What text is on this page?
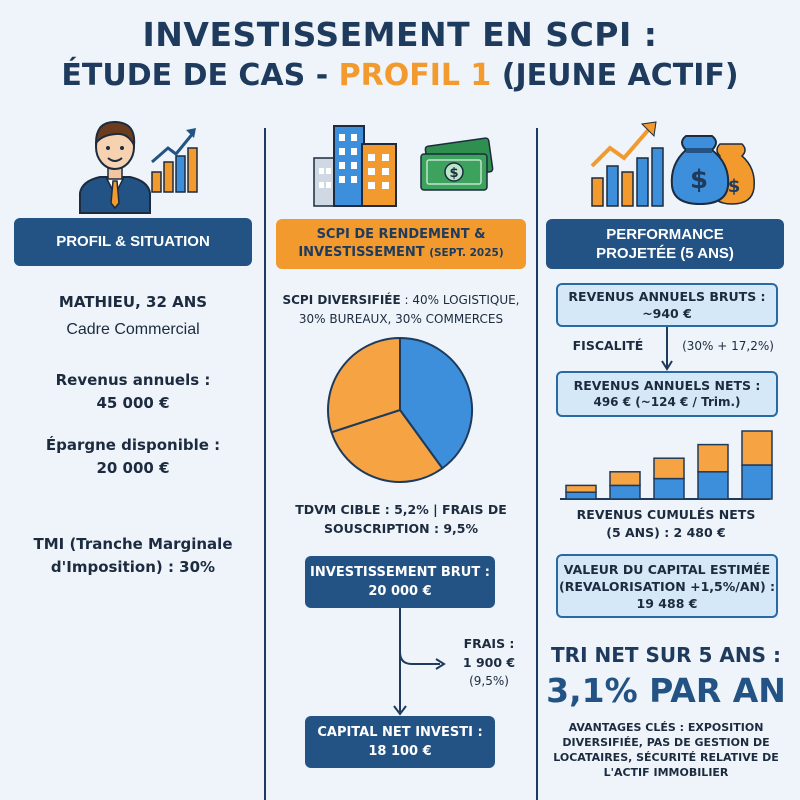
INVESTISSEMENT EN SCPI :
ÉTUDE DE CAS - PROFIL 1 (JEUNE ACTIF)
PROFIL & SITUATION
MATHIEU, 32 ANS
Cadre Commercial
Revenus annuels :
45 000 €
Épargne disponible :
20 000 €
TMI (Tranche Marginale
d'Imposition) : 30%
$
SCPI DE RENDEMENT &
INVESTISSEMENT (SEPT. 2025)
SCPI DIVERSIFIÉE : 40% LOGISTIQUE,
30% BUREAUX, 30% COMMERCES
TDVM CIBLE : 5,2% | FRAIS DE
SOUSCRIPTION : 9,5%
INVESTISSEMENT BRUT :
20 000 €
FRAIS :
1 900 €
(9,5%)
CAPITAL NET INVESTI :
18 100 €
$ $
PERFORMANCE
PROJETÉE (5 ANS)
REVENUS ANNUELS BRUTS :
~940 €
FISCALITÉ	(30% + 17,2%)
REVENUS ANNUELS NETS :
496 € (~124 € / Trim.)
REVENUS CUMULÉS NETS
(5 ANS) : 2 480 €
VALEUR DU CAPITAL ESTIMÉE
(REVALORISATION +1,5%/AN) :
19 488 €
TRI NET SUR 5 ANS :
3,1% PAR AN
AVANTAGES CLÉS : EXPOSITION
DIVERSIFIÉE, PAS DE GESTION DE
LOCATAIRES, SÉCURITÉ RELATIVE DE
L'ACTIF IMMOBILIER
